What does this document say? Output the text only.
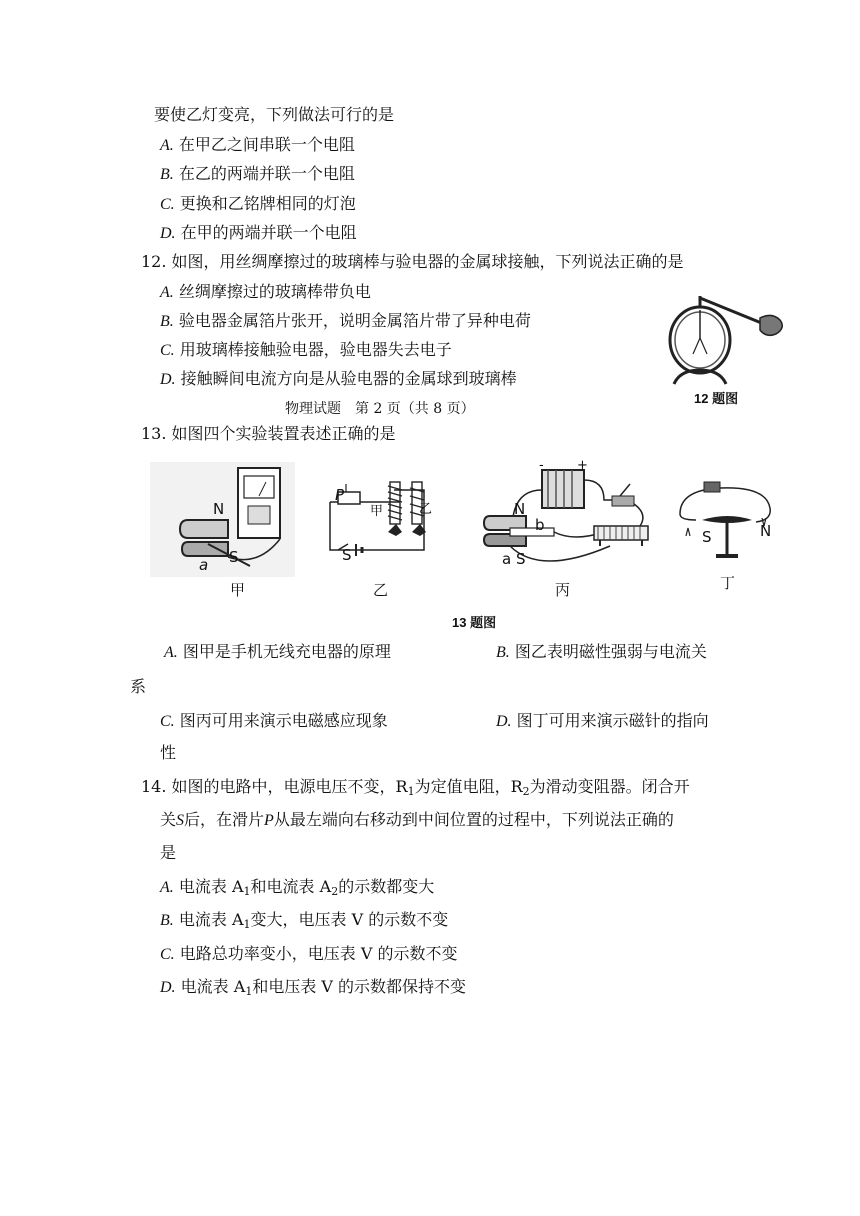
要使乙灯变亮，下列做法可行的是
A. 在甲乙之间串联一个电阻
B. 在乙的两端并联一个电阻
C. 更换和乙铭牌相同的灯泡
D. 在甲的两端并联一个电阻
12. 如图，用丝绸摩擦过的玻璃棒与验电器的金属球接触，下列说法正确的是
A. 丝绸摩擦过的玻璃棒带负电
B. 验电器金属箔片张开，说明金属箔片带了异种电荷
C. 用玻璃棒接触验电器，验电器失去电子
D. 接触瞬间电流方向是从验电器的金属球到玻璃棒
12 题图
物理试题　第 2 页（共 8 页）
13. 如图四个实验装置表述正确的是
N
S
a
甲
P
甲	乙
S
乙
-	+
N
b
a S
丙
S	N
丁
13 题图
A. 图甲是手机无线充电器的原理	B. 图乙表明磁性强弱与电流关
系
C. 图丙可用来演示电磁感应现象	D. 图丁可用来演示磁针的指向
性
14. 如图的电路中，电源电压不变，$R_1$为定值电阻，$R_2$为滑动变阻器。闭合开
关S后，在滑片P从最左端向右移动到中间位置的过程中，下列说法正确的
是
A. 电流表 $A_1$和电流表 $A_2$的示数都变大
B. 电流表 $A_1$变大，电压表 V 的示数不变
C. 电路总功率变小，电压表 V 的示数不变
D. 电流表 $A_1$和电压表 V 的示数都保持不变
